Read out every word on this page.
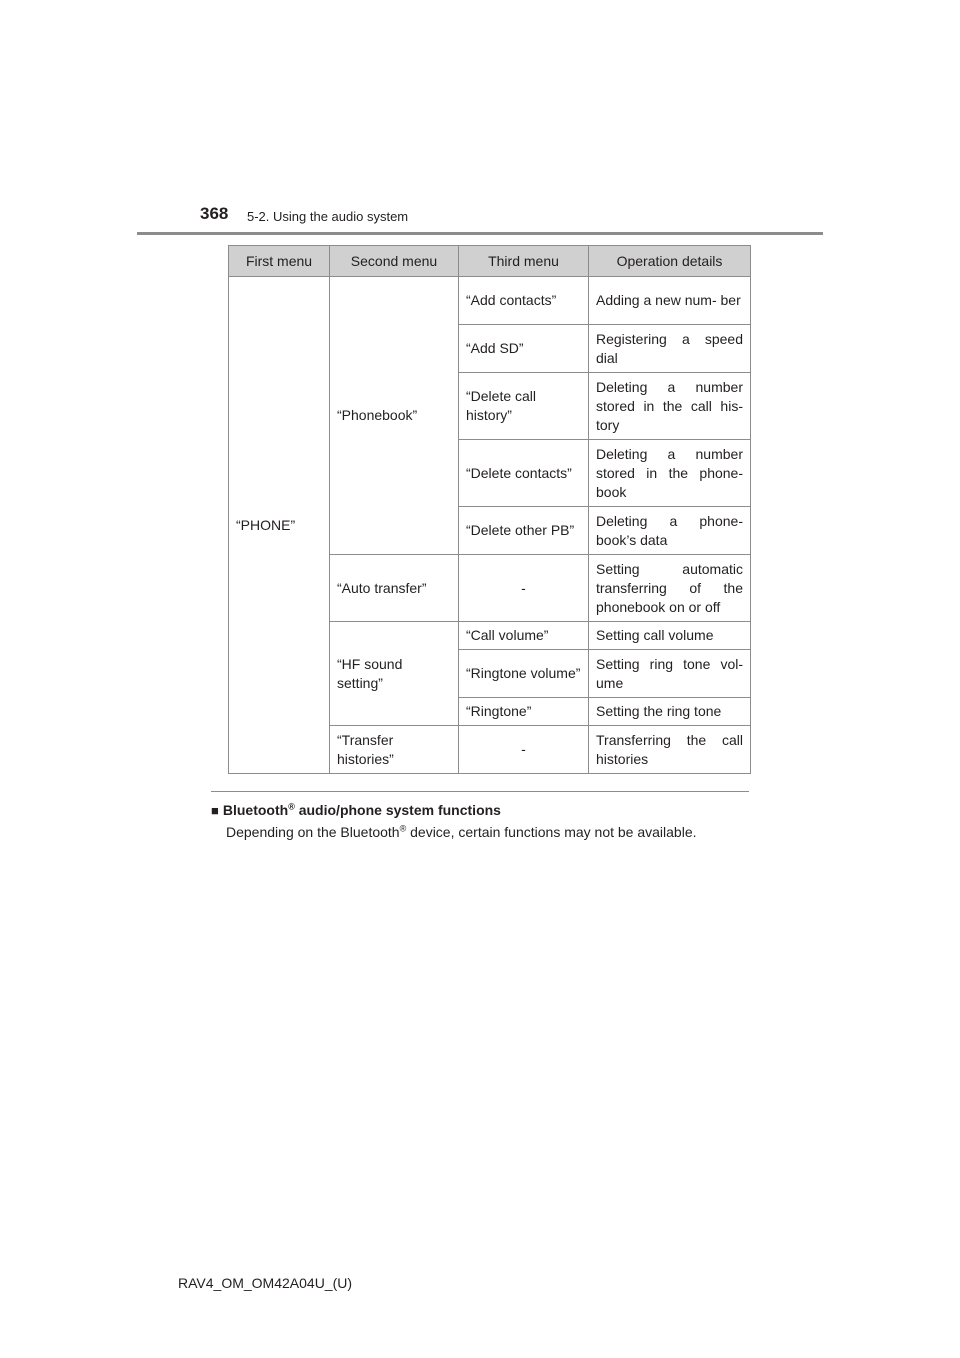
368 5-2. Using the audio system
First menu	Second menu	Third menu	Operation details
“PHONE”	“Phonebook”	“Add contacts”	Adding a new num- ber
		“Add SD”	Registering a speed dial
		“Delete call history”	Deleting a number stored in the call his- tory
		“Delete contacts”	Deleting a number stored in the phone- book
		“Delete other PB”	Deleting a phone- book’s data
	“Auto transfer”	-	Setting automatic transferring of the phonebook on or off
	“HF sound setting”	“Call volume”	Setting call volume
		“Ringtone volume”	Setting ring tone vol- ume
		“Ringtone”	Setting the ring tone
	“Transfer histories”	-	Transferring the call histories
■ Bluetooth® audio/phone system functions
Depending on the Bluetooth® device, certain functions may not be available.
RAV4_OM_OM42A04U_(U)
